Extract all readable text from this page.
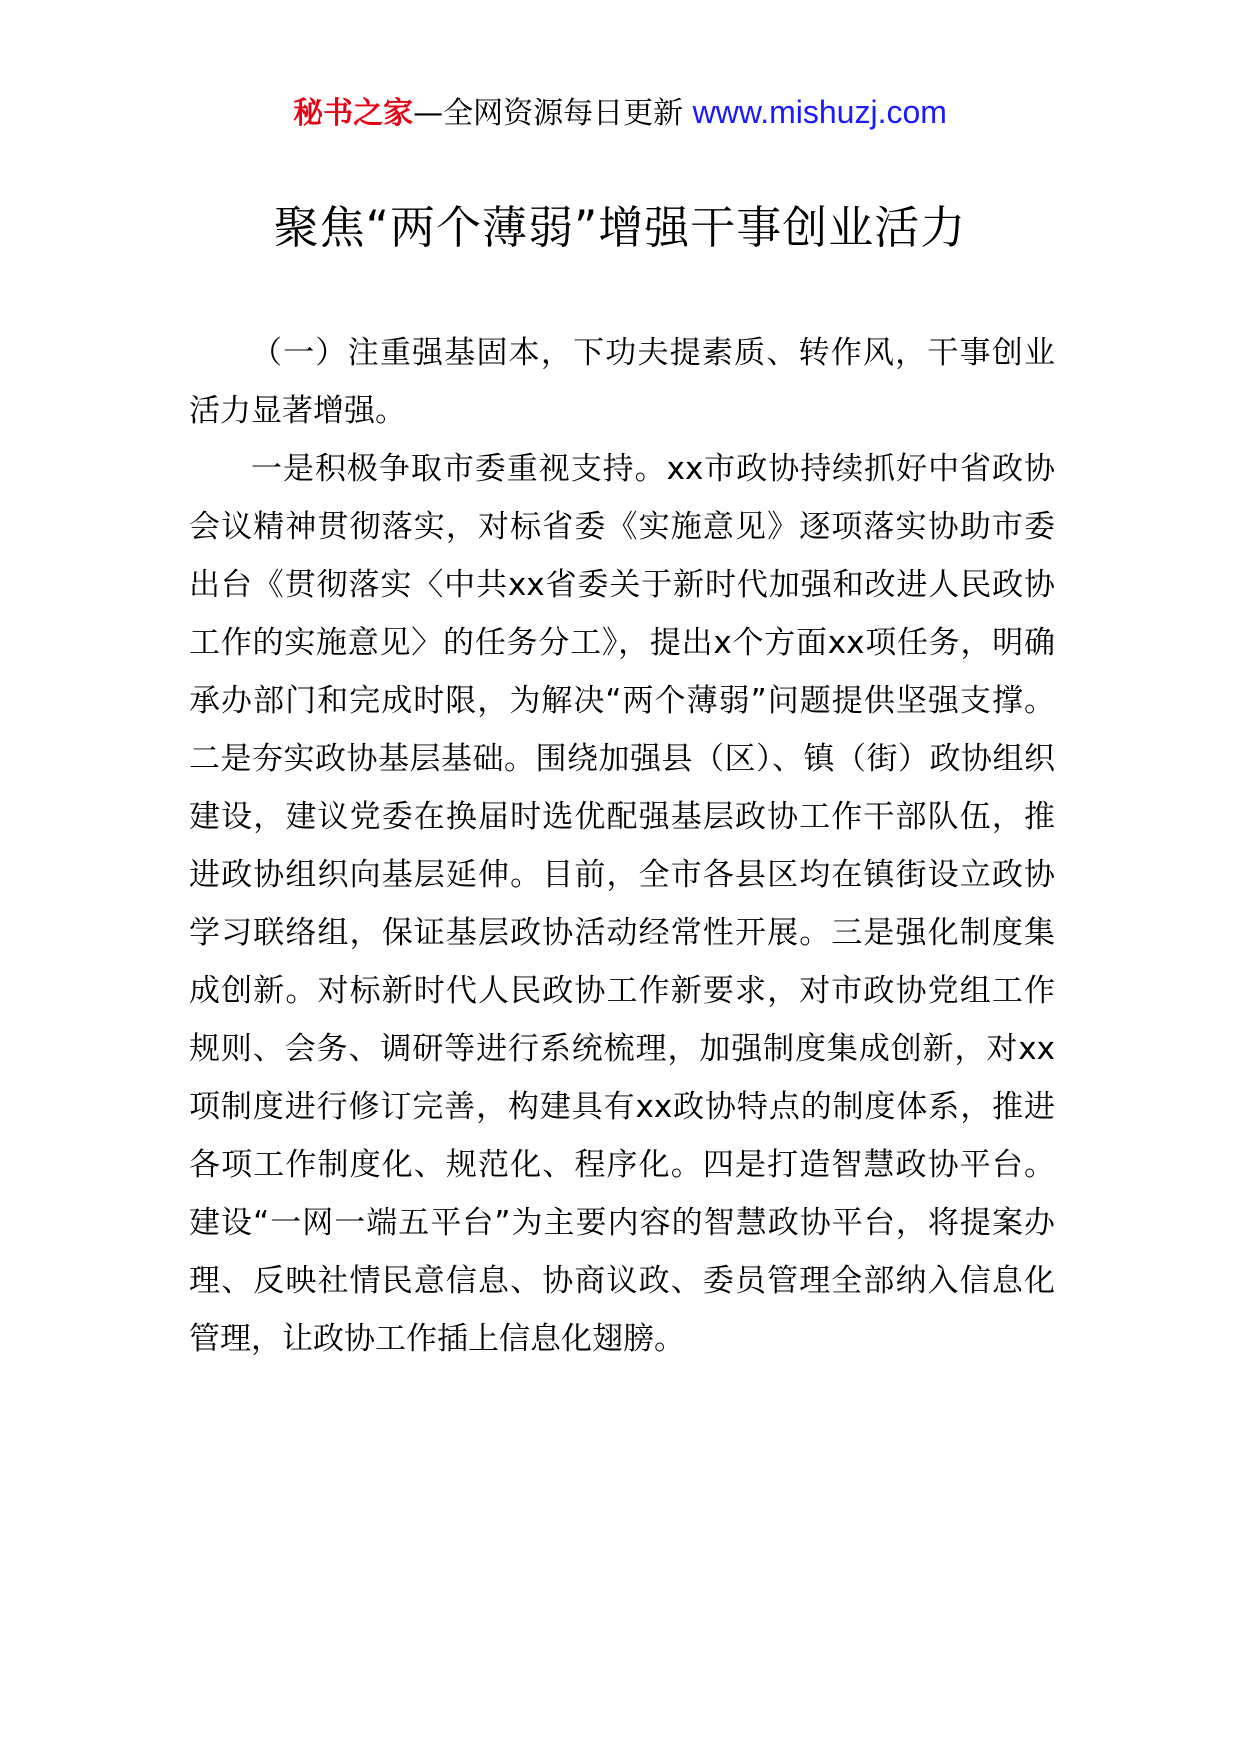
秘书之家—全网资源每日更新 www.mishuzj.com
聚焦“两个薄弱”增强干事创业活力

（一）注重强基固本，下功夫提素质、转作风，干事创业活力显著增强。

一是积极争取市委重视支持。xx市政协持续抓好中省政协会议精神贯彻落实，对标省委《实施意见》逐项落实协助市委出台《贯彻落实〈中共xx省委关于新时代加强和改进人民政协工作的实施意见〉的任务分工》，提出x个方面xx项任务，明确承办部门和完成时限，为解决“两个薄弱”问题提供坚强支撑。二是夯实政协基层基础。围绕加强县（区）、镇（街）政协组织建设，建议党委在换届时选优配强基层政协工作干部队伍，推进政协组织向基层延伸。目前，全市各县区均在镇街设立政协学习联络组，保证基层政协活动经常性开展。三是强化制度集成创新。对标新时代人民政协工作新要求，对市政协党组工作规则、会务、调研等进行系统梳理，加强制度集成创新，对xx项制度进行修订完善，构建具有xx政协特点的制度体系，推进各项工作制度化、规范化、程序化。四是打造智慧政协平台。建设“一网一端五平台”为主要内容的智慧政协平台，将提案办理、反映社情民意信息、协商议政、委员管理全部纳入信息化管理，让政协工作插上信息化翅膀。
